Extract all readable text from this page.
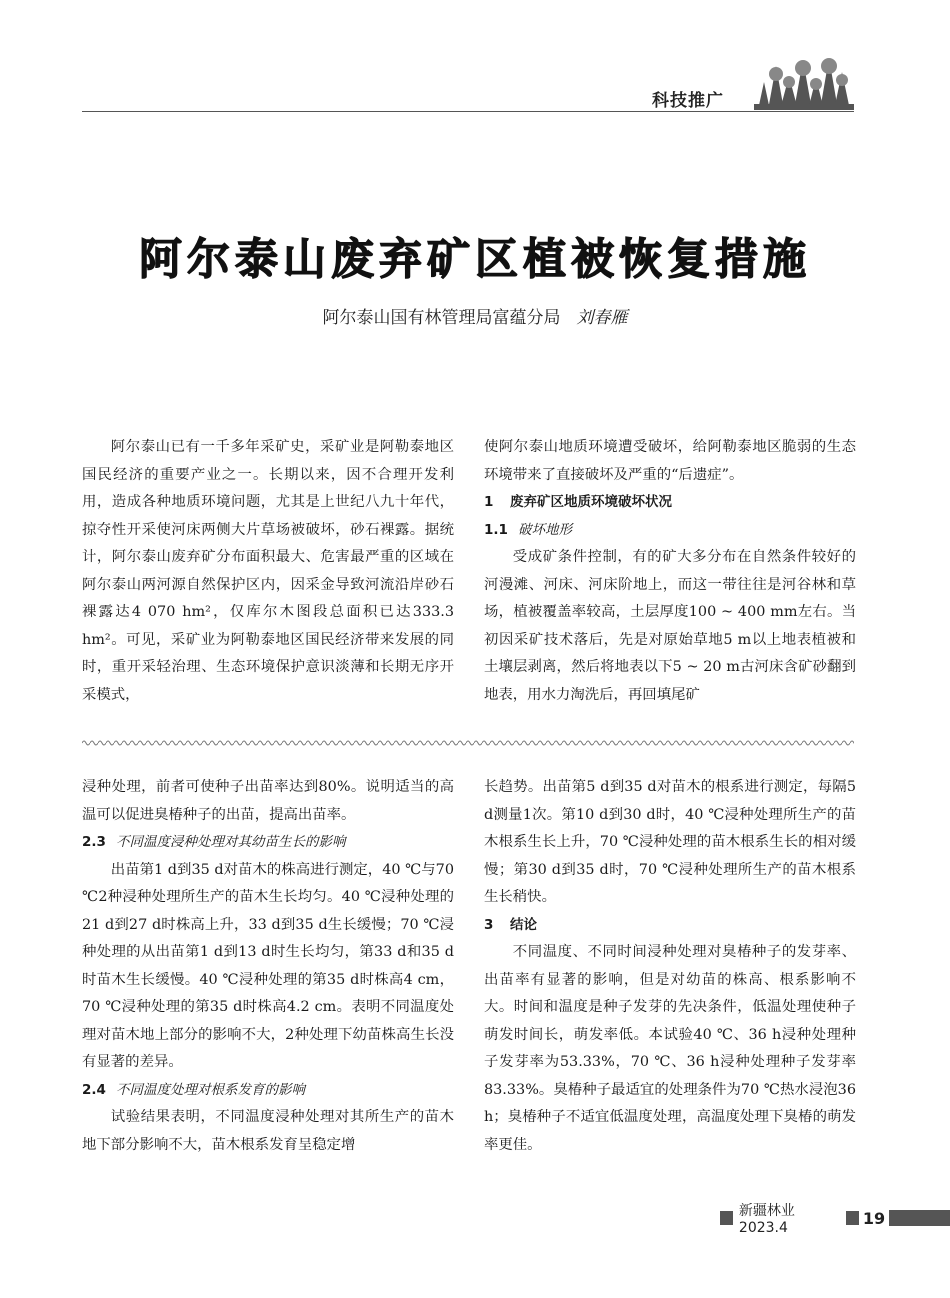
科技推广
阿尔泰山废弃矿区植被恢复措施
阿尔泰山国有林管理局富蕴分局 刘春雁

阿尔泰山已有一千多年采矿史，采矿业是阿勒泰地区国民经济的重要产业之一。长期以来，因不合理开发利用，造成各种地质环境问题，尤其是上世纪八九十年代，掠夺性开采使河床两侧大片草场被破坏，砂石裸露。据统计，阿尔泰山废弃矿分布面积最大、危害最严重的区域在阿尔泰山两河源自然保护区内，因采金导致河流沿岸砂石裸露达4 070 hm²，仅库尔木图段总面积已达333.3 hm²。可见，采矿业为阿勒泰地区国民经济带来发展的同时，重开采轻治理、生态环境保护意识淡薄和长期无序开采模式，

使阿尔泰山地质环境遭受破坏，给阿勒泰地区脆弱的生态环境带来了直接破坏及严重的“后遗症”。

1 废弃矿区地质环境破坏状况
1.1 破坏地形

受成矿条件控制，有的矿大多分布在自然条件较好的河漫滩、河床、河床阶地上，而这一带往往是河谷林和草场，植被覆盖率较高，土层厚度100 ~ 400 mm左右。当初因采矿技术落后，先是对原始草地5 m以上地表植被和土壤层剥离，然后将地表以下5 ~ 20 m古河床含矿砂翻到地表，用水力淘洗后，再回填尾矿

浸种处理，前者可使种子出苗率达到80%。说明适当的高温可以促进臭椿种子的出苗，提高出苗率。

2.3 不同温度浸种处理对其幼苗生长的影响

出苗第1 d到35 d对苗木的株高进行测定，40 ℃与70 ℃2种浸种处理所生产的苗木生长均匀。40 ℃浸种处理的21 d到27 d时株高上升，33 d到35 d生长缓慢；70 ℃浸种处理的从出苗第1 d到13 d时生长均匀，第33 d和35 d时苗木生长缓慢。40 ℃浸种处理的第35 d时株高4 cm，70 ℃浸种处理的第35 d时株高4.2 cm。表明不同温度处理对苗木地上部分的影响不大，2种处理下幼苗株高生长没有显著的差异。

2.4 不同温度处理对根系发育的影响

试验结果表明，不同温度浸种处理对其所生产的苗木地下部分影响不大，苗木根系发育呈稳定增

长趋势。出苗第5 d到35 d对苗木的根系进行测定，每隔5 d测量1次。第10 d到30 d时，40 ℃浸种处理所生产的苗木根系生长上升，70 ℃浸种处理的苗木根系生长的相对缓慢；第30 d到35 d时，70 ℃浸种处理所生产的苗木根系生长稍快。

3 结论

不同温度、不同时间浸种处理对臭椿种子的发芽率、出苗率有显著的影响，但是对幼苗的株高、根系影响不大。时间和温度是种子发芽的先决条件，低温处理使种子萌发时间长，萌发率低。本试验40 ℃、36 h浸种处理种子发芽率为53.33%，70 ℃、36 h浸种处理种子发芽率83.33%。臭椿种子最适宜的处理条件为70 ℃热水浸泡36 h；臭椿种子不适宜低温度处理，高温度处理下臭椿的萌发率更佳。

新疆林业 2023.4
19
